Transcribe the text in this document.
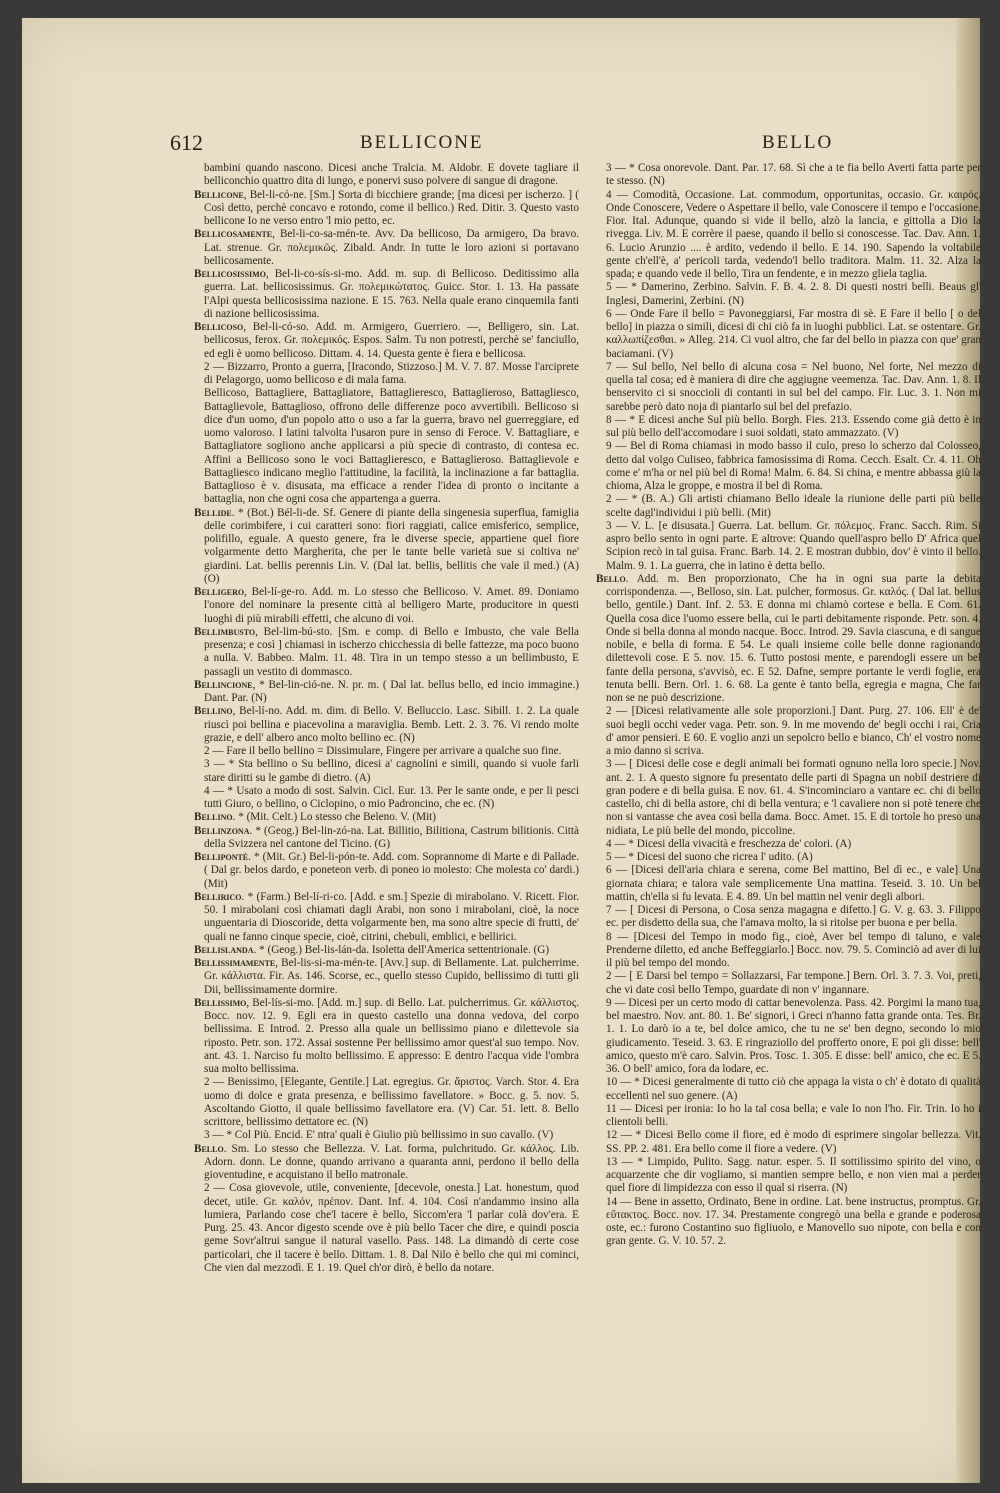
612	BELLICONE	BELLO

bambini quando nascono. Dicesi anche Tralcia. M. Aldobr. E dovete tagliare il belliconchio quattro dita di lungo, e ponervi suso polvere di sangue di dragone.

Bellicone, Bel-li-có-ne. [Sm.] Sorta di bicchiere grande; [ma dicesi per ischerzo. ] ( Così detto, perchè concavo e rotondo, come il bellico.) Red. Ditir. 3. Questo vasto bellicone Io ne verso entro 'l mio petto, ec.

Bellicosamente, Bel-li-co-sa-mén-te. Avv. Da bellicoso, Da armigero, Da bravo. Lat. strenue. Gr. πολεμικῶς. Zibald. Andr. In tutte le loro azioni si portavano bellicosamente.

Bellicosissimo, Bel-li-co-sís-si-mo. Add. m. sup. di Bellicoso. Deditissimo alla guerra. Lat. bellicosissimus. Gr. πολεμικώτατος. Guicc. Stor. 1. 13. Ha passate l'Alpi questa bellicosissima nazione. E 15. 763. Nella quale erano cinquemila fanti di nazione bellicosissima.

Bellicoso, Bel-li-có-so. Add. m. Armigero, Guerriero. —, Belligero, sin. Lat. bellicosus, ferox. Gr. πολεμικός. Espos. Salm. Tu non potresti, perchè se' fanciullo, ed egli è uomo bellicoso. Dittam. 4. 14. Questa gente è fiera e bellicosa.

2 — Bizzarro, Pronto a guerra, [Iracondo, Stizzoso.] M. V. 7. 87. Mosse l'arciprete di Pelagorgo, uomo bellicoso e di mala fama.

Bellicoso, Battagliere, Battagliatore, Battaglieresco, Battaglieroso, Battagliesco, Battaglievole, Battaglioso, offrono delle differenze poco avvertibili. Bellicoso si dice d'un uomo, d'un popolo atto o uso a far la guerra, bravo nel guerreggiare, ed uomo valoroso. I latini talvolta l'usaron pure in senso di Feroce. V. Battagliare, e Battagliatore sogliono anche applicarsi a più specie di contrasto, di contesa ec. Affini a Bellicoso sono le voci Battaglieresco, e Battaglieroso. Battaglievole e Battagliesco indicano meglio l'attitudine, la facilità, la inclinazione a far battaglia. Battaglioso è v. disusata, ma efficace a render l'idea di pronto o incitante a battaglia, non che ogni cosa che appartenga a guerra.

Bellide. * (Bot.) Bél-li-de. Sf. Genere di piante della singenesia superflua, famiglia delle corimbifere, i cui caratteri sono: fiori raggiati, calice emisferico, semplice, polifillo, eguale. A questo genere, fra le diverse specie, appartiene quel fiore volgarmente detto Margherita, che per le tante belle varietà sue si coltiva ne' giardini. Lat. bellis perennis Lin. V. (Dal lat. bellis, bellitis che vale il med.) (A) (O)

Belligero, Bel-lí-ge-ro. Add. m. Lo stesso che Bellicoso. V. Amet. 89. Doniamo l'onore del nominare la presente città al belligero Marte, producitore in questi luoghi di più mirabili effetti, che alcuno di voi.

Bellimbusto, Bel-lim-bú-sto. [Sm. e comp. di Bello e Imbusto, che vale Bella presenza; e così ] chiamasi in ischerzo chicchessia di belle fattezze, ma poco buono a nulla. V. Babbeo. Malm. 11. 48. Tira in un tempo stesso a un bellimbusto, E passagli un vestito di dommasco.

Bellincione, * Bel-lin-ció-ne. N. pr. m. ( Dal lat. bellus bello, ed incio immagine.) Dant. Par. (N)

Bellino, Bel-lí-no. Add. m. dim. di Bello. V. Belluccio. Lasc. Sibill. 1. 2. La quale riuscì poi bellina e piacevolina a maraviglia. Bemb. Lett. 2. 3. 76. Vi rendo molte grazie, e dell' albero anco molto bellino ec. (N)

2 — Fare il bello bellino = Dissimulare, Fingere per arrivare a qualche suo fine.

3 — * Sta bellino o Su bellino, dicesi a' cagnolini e simili, quando si vuole farli stare diritti su le gambe di dietro. (A)

4 — * Usato a modo di sost. Salvin. Cicl. Eur. 13. Per le sante onde, e per li pesci tutti Giuro, o bellino, o Ciclopino, o mio Padroncino, che ec. (N)

Bellino. * (Mit. Celt.) Lo stesso che Beleno. V. (Mit)

Bellinzona. * (Geog.) Bel-lin-zó-na. Lat. Billitio, Bilitiona, Castrum bilitionis. Città della Svizzera nel cantone del Ticino. (G)

Bellipontè. * (Mit. Gr.) Bel-li-pón-te. Add. com. Soprannome di Marte e di Pallade. ( Dal gr. belos dardo, e poneteon verb. di poneo io molesto: Che molesta co' dardi.) (Mit)

Bellirico. * (Farm.) Bel-lí-ri-co. [Add. e sm.] Spezie di mirabolano. V. Ricett. Fior. 50. I mirabolani così chiamati dagli Arabi, non sono i mirabolani, cioè, la noce unguentaria di Dioscoride, detta volgarmente ben, ma sono altre specie di frutti, de' quali ne fanno cinque specie, cioè, citrini, chebuli, emblici, e bellirici.

Bellislanda. * (Geog.) Bel-lis-lán-da. Isoletta dell'America settentrionale. (G)

Bellissimamente, Bel-lis-si-ma-mén-te. [Avv.] sup. di Bellamente. Lat. pulcherrime. Gr. κάλλιστα. Fir. As. 146. Scorse, ec., quello stesso Cupido, bellissimo di tutti gli Dii, bellissimamente dormire.

Bellissimo, Bel-lís-si-mo. [Add. m.] sup. di Bello. Lat. pulcherrimus. Gr. κάλλιστος. Bocc. nov. 12. 9. Egli era in questo castello una donna vedova, del corpo bellissima. E Introd. 2. Presso alla quale un bellissimo piano e dilettevole sia riposto. Petr. son. 172. Assai sostenne Per bellissimo amor quest'al suo tempo. Nov. ant. 43. 1. Narciso fu molto bellissimo. E appresso: E dentro l'acqua vide l'ombra sua molto bellissima.

2 — Benissimo, [Elegante, Gentile.] Lat. egregius. Gr. ἄριστος. Varch. Stor. 4. Era uomo di dolce e grata presenza, e bellissimo favellatore. » Bocc. g. 5. nov. 5. Ascoltando Giotto, il quale bellissimo favellatore era. (V) Car. 51. lett. 8. Bello scrittore, bellissimo dettatore ec. (N)

3 — * Col Più. Encid. E' ntra' quali è Giulio più bellissimo in suo cavallo. (V)

Bello. Sm. Lo stesso che Bellezza. V. Lat. forma, pulchritudo. Gr. κάλλος. Lib. Adorn. donn. Le donne, quando arrivano a quaranta anni, perdono il bello della gioventudine, e acquistano il bello matronale.

2 — Cosa giovevole, utile, conveniente, [decevole, onesta.] Lat. honestum, quod decet, utile. Gr. καλόν, πρέπον. Dant. Inf. 4. 104. Così n'andammo insino alla lumiera, Parlando cose che'l tacere è bello, Sìccom'era 'l parlar colà dov'era. E Purg. 25. 43. Ancor digesto scende ove è più bello Tacer che dire, e quindi poscia geme Sovr'altrui sangue il natural vasello. Pass. 148. La dimandò di certe cose particolari, che il tacere è bello. Dittam. 1. 8. Dal Nilo è bello che qui mi cominci, Che vien dal mezzodì. E 1. 19. Quel ch'or dirò, è bello da notare.

3 — * Cosa onorevole. Dant. Par. 17. 68. Sì che a te fia bello Averti fatta parte per te stesso. (N)

4 — Comodità, Occasione. Lat. commodum, opportunitas, occasio. Gr. καιρός. Onde Conoscere, Vedere o Aspettare il bello, vale Conoscere il tempo e l'occasione. Fior. Ital. Adunque, quando si vide il bello, alzò la lancia, e gittolla a Dio la rivegga. Liv. M. E corrère il paese, quando il bello si conoscesse. Tac. Dav. Ann. 1. 6. Lucio Arunzio .... è ardito, vedendo il bello. E 14. 190. Sapendo la voltabile gente ch'ell'è, a' pericoli tarda, vedendo'l bello traditora. Malm. 11. 32. Alza la spada; e quando vede il bello, Tira un fendente, e in mezzo gliela taglia.

5 — * Damerino, Zerbino. Salvin. F. B. 4. 2. 8. Di questi nostri belli. Beaus gl' Inglesi, Damerini, Zerbini. (N)

6 — Onde Fare il bello = Pavoneggiarsi, Far mostra di sè. E Fare il bello [ o del bello] in piazza o simili, dicesi di chi ciò fa in luoghi pubblici. Lat. se ostentare. Gr. καλλωπίζεσθαι. » Alleg. 214. Ci vuol altro, che far del bello in piazza con que' gran baciamani. (V)

7 — Sul bello, Nel bello di alcuna cosa = Nel buono, Nel forte, Nel mezzo di quella tal cosa; ed è maniera di dire che aggiugne veemenza. Tac. Dav. Ann. 1. 8. Il benservito ci si snoccioli di contanti in sul bel del campo. Fir. Luc. 3. 1. Non mi sarebbe però dato noja di piantarlo sul bel del prefazio.

8 — * E dicesi anche Sul più bello. Borgh. Fies. 213. Essendo come già detto è in sul più bello dell'accomodare i suoi soldati, stato ammazzato. (V)

9 — Bel di Roma chiamasi in modo basso il culo, preso lo scherzo dal Colosseo, detto dal volgo Culiseo, fabbrica famosissima di Roma. Cecch. Esalt. Cr. 4. 11. Oh come e' m'ha or nel più bel di Roma! Malm. 6. 84. Si china, e mentre abbassa giù la chioma, Alza le groppe, e mostra il bel di Roma.

2 — * (B. A.) Gli artisti chiamano Bello ideale la riunione delle parti più belle scelte dagl'individui i più belli. (Mit)

3 — V. L. [e disusata.] Guerra. Lat. bellum. Gr. πόλεμος. Franc. Sacch. Rim. Si aspro bello sento in ogni parte. E altrove: Quando quell'aspro bello D' Africa quel Scipion recò in tal guisa. Franc. Barb. 14. 2. E mostran dubbio, dov' è vinto il bello. Malm. 9. 1. La guerra, che in latino è detta bello.

Bello. Add. m. Ben proporzionato, Che ha in ogni sua parte la debita corrispondenza. —, Belloso, sin. Lat. pulcher, formosus. Gr. καλός. ( Dal lat. bellus bello, gentile.) Dant. Inf. 2. 53. E donna mi chiamò cortese e bella. E Com. 61. Quella cosa dice l'uomo essere bella, cui le parti debitamente risponde. Petr. son. 4. Onde si bella donna al mondo nacque. Bocc. Introd. 29. Savia ciascuna, e di sangue nobile, e bella di forma. E 54. Le quali insieme colle belle donne ragionando dilettevoli cose. E 5. nov. 15. 6. Tutto postosi mente, e parendogli essere un bel fante della persona, s'avvisò, ec. E 52. Dafne, sempre portante le verdi foglie, era tenuta belli. Bern. Orl. 1. 6. 68. La gente è tanto bella, egregia e magna, Che far non se ne può descrizione.

2 — [Dicesi relativamente alle sole proporzioni.] Dant. Purg. 27. 106. Ell' è de' suoi begli occhi veder vaga. Petr. son. 9. In me movendo de' begli occhi i rai, Cria d' amor pensieri. E 60. E voglio anzi un sepolcro bello e bianco, Ch' el vostro nome a mio danno si scriva.

3 — [ Dicesi delle cose e degli animali bei formati ognuno nella loro specie.] Nov. ant. 2. 1. A questo signore fu presentato delle parti di Spagna un nobil destriere di gran podere e di bella guisa. E nov. 61. 4. S'incominciaro a vantare ec. chi di bello castello, chi di bella astore, chi di bella ventura; e 'l cavaliere non si potè tenere che non si vantasse che avea così bella dama. Bocc. Amet. 15. E di tortole ho preso una nidiata, Le più belle del mondo, piccoline.

4 — * Dicesi della vivacità e freschezza de' colori. (A)

5 — * Dicesi del suono che ricrea l' udito. (A)

6 — [Dicesi dell'aria chiara e serena, come Bel mattino, Bel dì ec., e vale] Una giornata chiara; e talora vale semplicemente Una mattina. Teseid. 3. 10. Un bel mattin, ch'ella si fu levata. E 4. 89. Un bel mattin nel venir degli albori.

7 — [ Dicesi di Persona, o Cosa senza magagna e difetto.] G. V. g. 63. 3. Filippo ec. per disdetto della sua, che l'amava molto, la si ritolse per buona e per bella.

8 — [Dicesi del Tempo in modo fig., cioè, Aver bel tempo di taluno, e vale Prenderne diletto, ed anche Beffeggiarlo.] Bocc. nov. 79. 5. Cominciò ad aver di lui il più bel tempo del mondo.

2 — [ E Darsi bel tempo = Sollazzarsi, Far tempone.] Bern. Orl. 3. 7. 3. Voi, preti, che vi date così bello Tempo, guardate di non v' ingannare.

9 — Dicesi per un certo modo di cattar benevolenza. Pass. 42. Porgimi la mano tua, bel maestro. Nov. ant. 80. 1. Be' signori, i Greci n'hanno fatta grande onta. Tes. Br. 1. 1. Lo darò io a te, bel dolce amico, che tu ne se' ben degno, secondo lo mio giudicamento. Teseid. 3. 63. E ringraziollo del profferto onore, E poi gli disse: bell' amico, questo m'è caro. Salvin. Pros. Tosc. 1. 305. E disse: bell' amico, che ec. E 5. 36. O bell' amico, fora da lodare, ec.

10 — * Dicesi generalmente di tutto ciò che appaga la vista o ch' è dotato di qualità eccellenti nel suo genere. (A)

11 — Dicesi per ironia: Io ho la tal cosa bella; e vale Io non l'ho. Fir. Trin. Io ho i clientoli belli.

12 — * Dicesi Bello come il fiore, ed è modo di esprimere singolar bellezza. Vit. SS. PP. 2. 481. Era bello come il fiore a vedere. (V)

13 — * Limpido, Pulito. Sagg. natur. esper. 5. Il sottilissimo spirito del vino, o acquarzente che dir vogliamo, si mantien sempre bello, e non vien mai a perder quel fiore di limpidezza con esso il qual si riserra. (N)

14 — Bene in assetto, Ordinato, Bene in ordine. Lat. bene instructus, promptus. Gr. εὔτακτος. Bocc. nov. 17. 34. Prestamente congregò una bella e grande e poderosa oste, ec.: furono Costantino suo figliuolo, e Manovello suo nipote, con bella e con gran gente. G. V. 10. 57. 2.
